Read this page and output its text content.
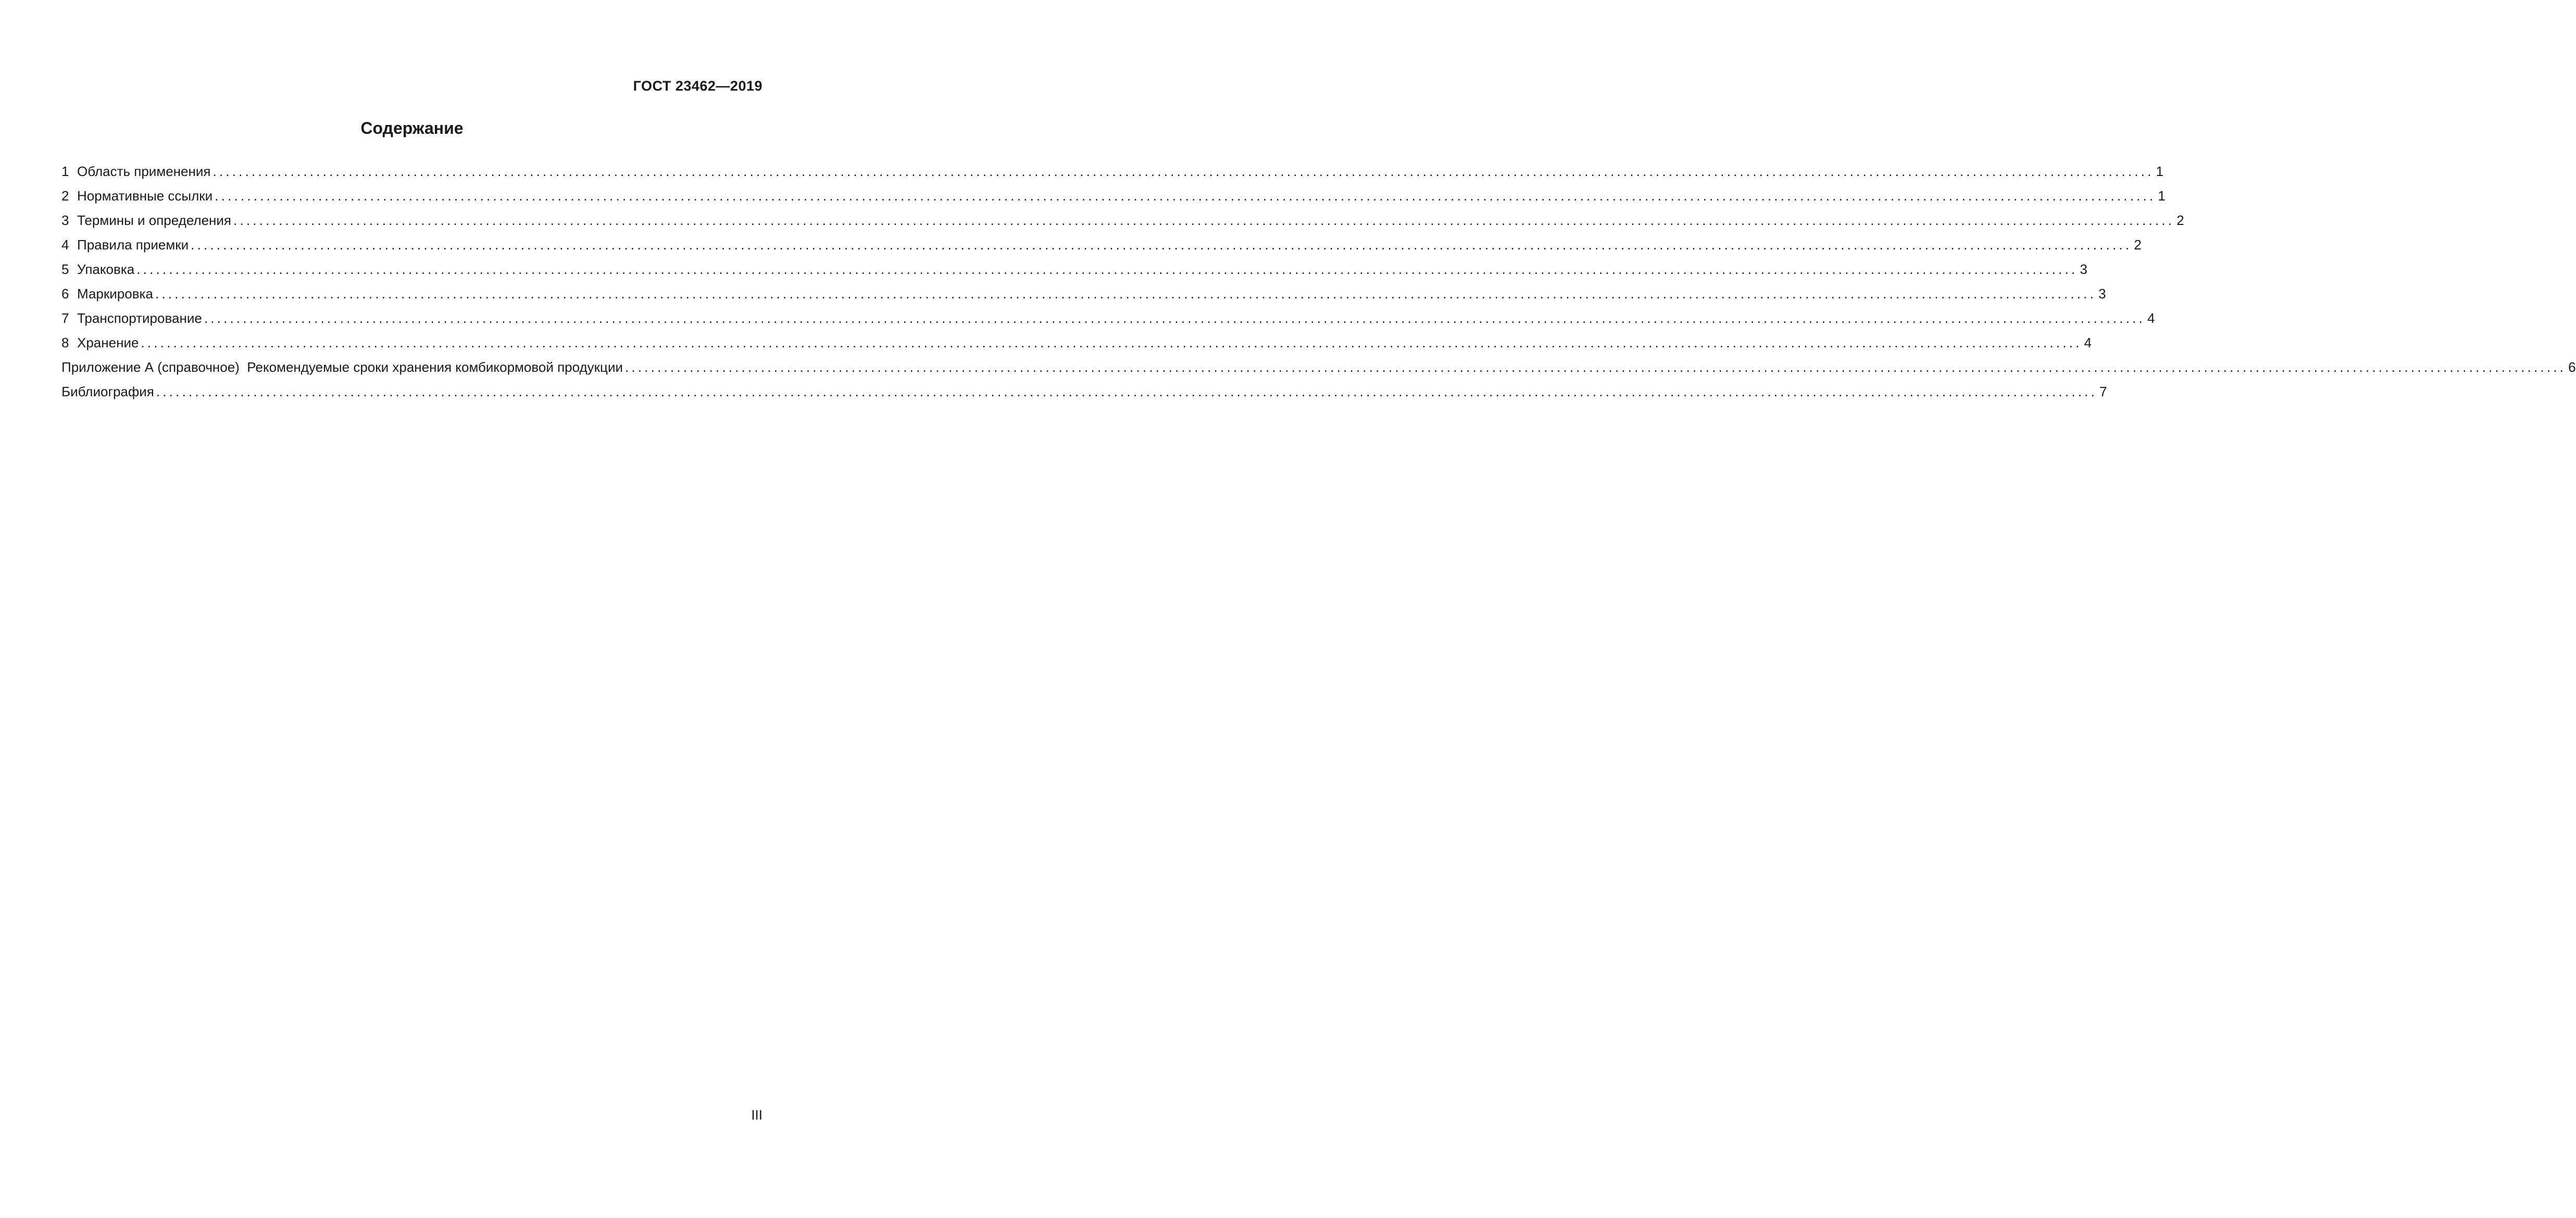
ГОСТ 23462—2019
Содержание
1 Область применения ............................................................................................................................................................................................................................................................................................................ 1
2 Нормативные ссылки ............................................................................................................................................................................................................................................................................................................ 1
3 Термины и определения ............................................................................................................................................................................................................................................................................................................ 2
4 Правила приемки ............................................................................................................................................................................................................................................................................................................ 2
5 Упаковка ............................................................................................................................................................................................................................................................................................................ 3
6 Маркировка ............................................................................................................................................................................................................................................................................................................ 3
7 Транспортирование ............................................................................................................................................................................................................................................................................................................ 4
8 Хранение ............................................................................................................................................................................................................................................................................................................ 4
Приложение А (справочное)  Рекомендуемые сроки хранения комбикормовой продукции ............................................................................................................................................................................................................................................................................................................ 6
Библиография ............................................................................................................................................................................................................................................................................................................ 7
III
